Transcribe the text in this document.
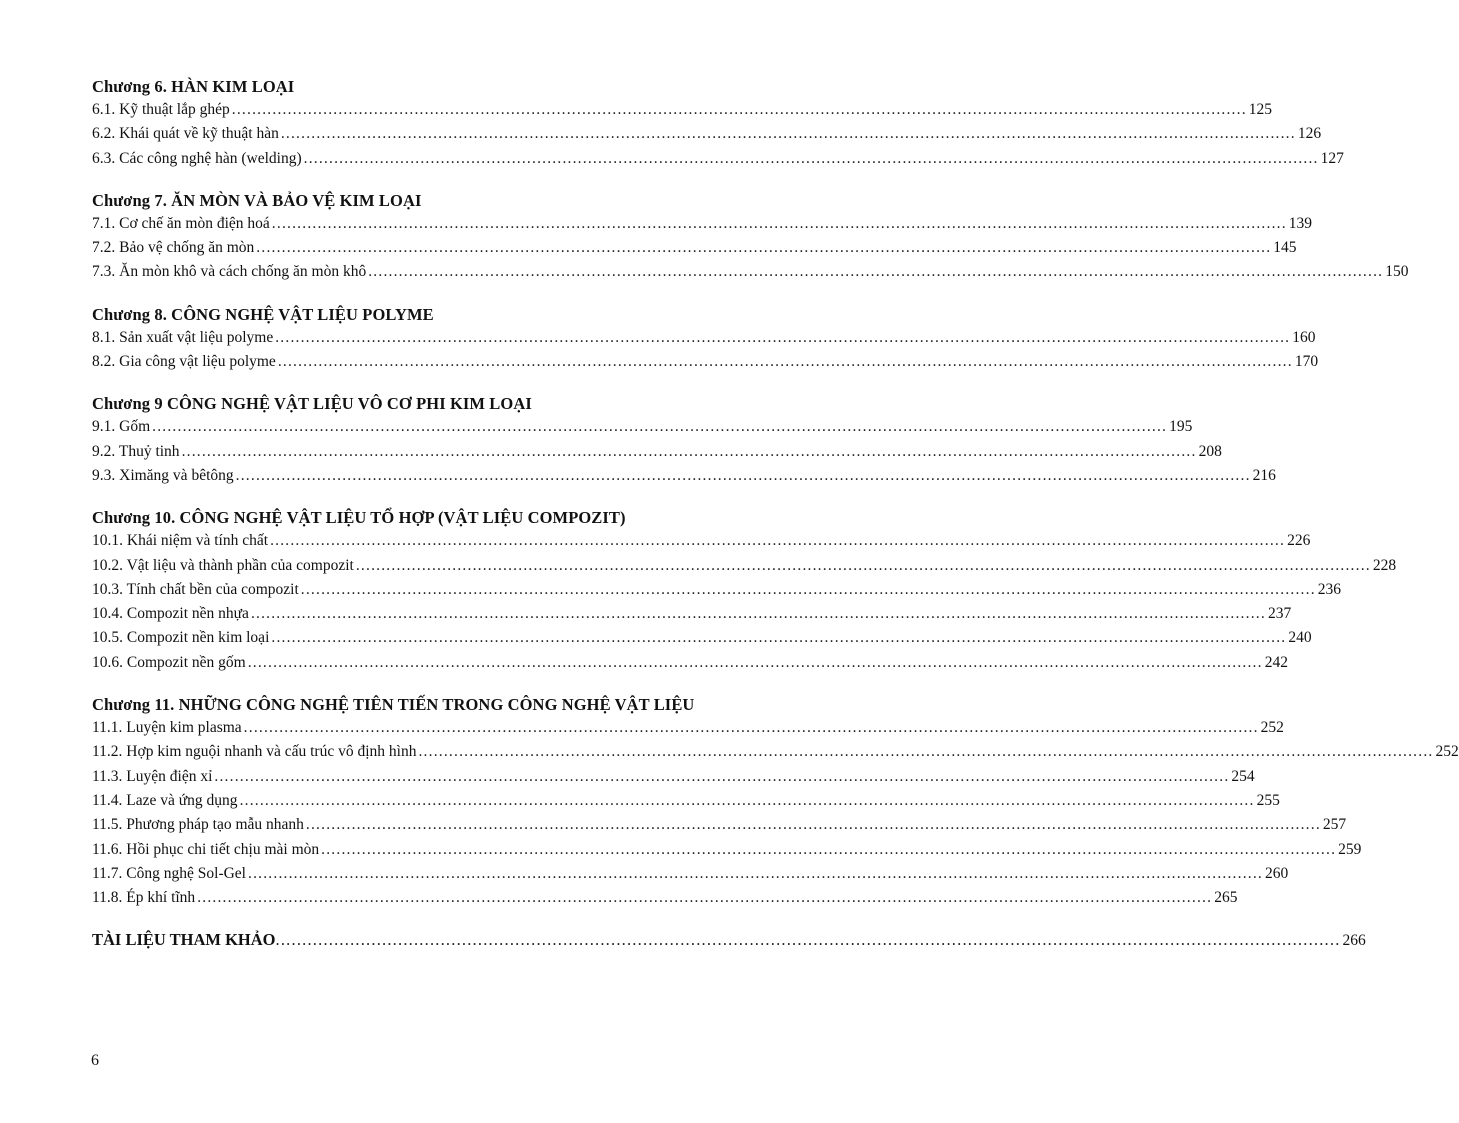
Chương 6. HÀN KIM LOẠI
6.1. Kỹ thuật lắp ghép ........................................................................................................................................................................................................ 125
6.2. Khái quát về kỹ thuật hàn ........................................................................................................................................................................................................ 126
6.3. Các công nghệ hàn (welding) ........................................................................................................................................................................................................ 127
Chương 7. ĂN MÒN VÀ BẢO VỆ KIM LOẠI
7.1. Cơ chế ăn mòn điện hoá ........................................................................................................................................................................................................ 139
7.2. Bảo vệ chống ăn mòn ........................................................................................................................................................................................................ 145
7.3. Ăn mòn khô và cách chống ăn mòn khô ........................................................................................................................................................................................................ 150
Chương 8. CÔNG NGHỆ VẬT LIỆU POLYME
8.1. Sản xuất vật liệu polyme ........................................................................................................................................................................................................ 160
8.2. Gia công vật liệu polyme ........................................................................................................................................................................................................ 170
Chương 9 CÔNG NGHỆ VẬT LIỆU VÔ CƠ PHI KIM LOẠI
9.1. Gốm ........................................................................................................................................................................................................ 195
9.2. Thuỷ tinh ........................................................................................................................................................................................................ 208
9.3. Ximăng và bêtông ........................................................................................................................................................................................................ 216
Chương 10. CÔNG NGHỆ VẬT LIỆU TỔ HỢP (VẬT LIỆU COMPOZIT)
10.1. Khái niệm và tính chất ........................................................................................................................................................................................................ 226
10.2. Vật liệu và thành phần của compozit ........................................................................................................................................................................................................ 228
10.3. Tính chất bền của compozit ........................................................................................................................................................................................................ 236
10.4. Compozit nền nhựa ........................................................................................................................................................................................................ 237
10.5. Compozit nền kim loại ........................................................................................................................................................................................................ 240
10.6. Compozit nền gốm ........................................................................................................................................................................................................ 242
Chương 11. NHỮNG CÔNG NGHỆ TIÊN TIẾN TRONG CÔNG NGHỆ VẬT LIỆU
11.1. Luyện kim plasma ........................................................................................................................................................................................................ 252
11.2. Hợp kim nguội nhanh và cấu trúc vô định hình ........................................................................................................................................................................................................ 252
11.3. Luyện điện xỉ ........................................................................................................................................................................................................ 254
11.4. Laze và ứng dụng ........................................................................................................................................................................................................ 255
11.5. Phương pháp tạo mẫu nhanh ........................................................................................................................................................................................................ 257
11.6. Hồi phục chi tiết chịu mài mòn ........................................................................................................................................................................................................ 259
11.7. Công nghệ Sol-Gel ........................................................................................................................................................................................................ 260
11.8. Ép khí tĩnh ........................................................................................................................................................................................................ 265
TÀI LIỆU THAM KHẢO ........................................................................................................................................................................................................ 266
6
